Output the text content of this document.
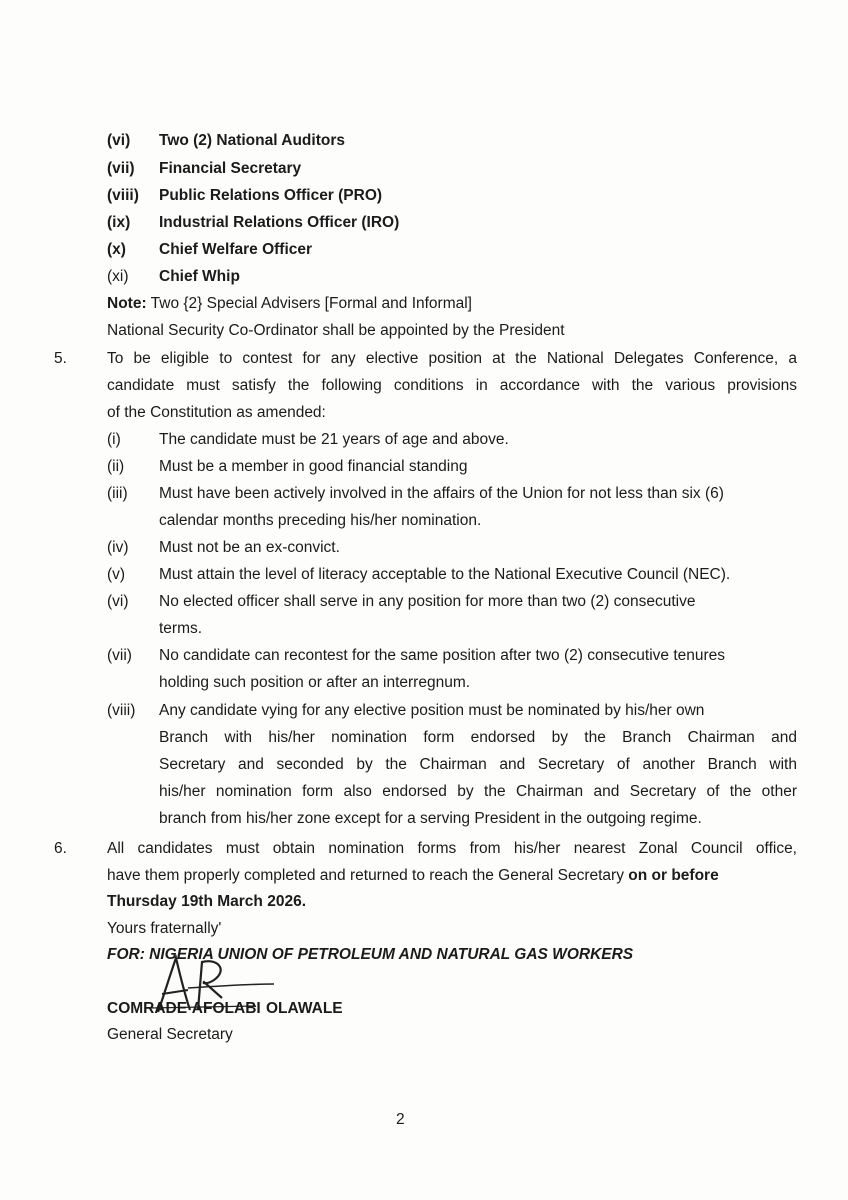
(vi) Two (2) National Auditors
(vii) Financial Secretary
(viii) Public Relations Officer (PRO)
(ix) Industrial Relations Officer (IRO)
(x) Chief Welfare Officer
(xi) Chief Whip
Note: Two {2} Special Advisers [Formal and Informal]
National Security Co-Ordinator shall be appointed by the President
5.	To be eligible to contest for any elective position at the National Delegates Conference, a
candidate must satisfy the following conditions in accordance with the various provisions
of the Constitution as amended:
(i) The candidate must be 21 years of age and above.
(ii) Must be a member in good financial standing
(iii) Must have been actively involved in the affairs of the Union for not less than six (6)
calendar months preceding his/her nomination.
(iv) Must not be an ex-convict.
(v) Must attain the level of literacy acceptable to the National Executive Council (NEC).
(vi) No elected officer shall serve in any position for more than two (2) consecutive
terms.
(vii) No candidate can recontest for the same position after two (2) consecutive tenures
holding such position or after an interregnum.
(viii) Any candidate vying for any elective position must be nominated by his/her own
Branch with his/her nomination form endorsed by the Branch Chairman and
Secretary and seconded by the Chairman and Secretary of another Branch with
his/her nomination form also endorsed by the Chairman and Secretary of the other
branch from his/her zone except for a serving President in the outgoing regime.
6.	All candidates must obtain nomination forms from his/her nearest Zonal Council office,
have them properly completed and returned to reach the General Secretary on or before
Thursday 19th March 2026.
Yours fraternally'
FOR: NIGERIA UNION OF PETROLEUM AND NATURAL GAS WORKERS
COMRADE AFOLABI OLAWALE
General Secretary
2
